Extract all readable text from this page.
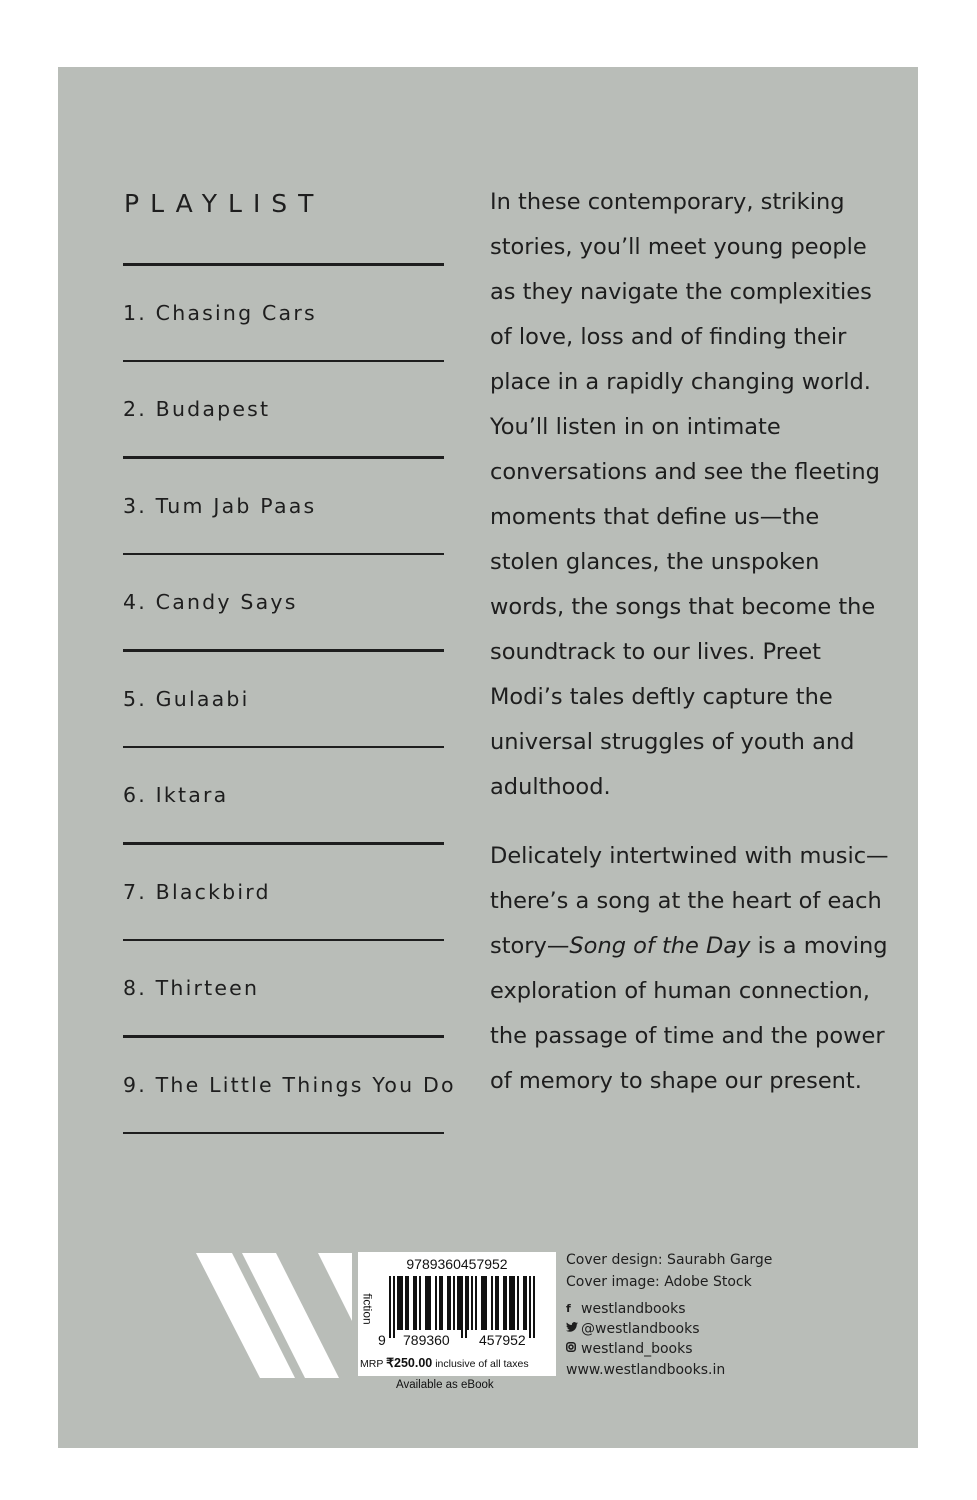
PLAYLIST
1. Chasing Cars
2. Budapest
3. Tum Jab Paas
4. Candy Says
5. Gulaabi
6. Iktara
7. Blackbird
8. Thirteen
9. The Little Things You Do

In these contemporary, striking stories, you’ll meet young people as they navigate the complexities of love, loss and of finding their place in a rapidly changing world. You’ll listen in on intimate conversations and see the fleeting moments that define us—the stolen glances, the unspoken words, the songs that become the soundtrack to our lives. Preet Modi’s tales deftly capture the universal struggles of youth and adulthood.

Delicately intertwined with music—there’s a song at the heart of each story—Song of the Day is a moving exploration of human connection, the passage of time and the power of memory to shape our present.

9789360457952
fiction
9 789360 457952
MRP ₹250.00 inclusive of all taxes
Available as eBook
Cover design: Saurabh Garge
Cover image: Adobe Stock
f westlandbooks
@westlandbooks
westland_books
www.westlandbooks.in
